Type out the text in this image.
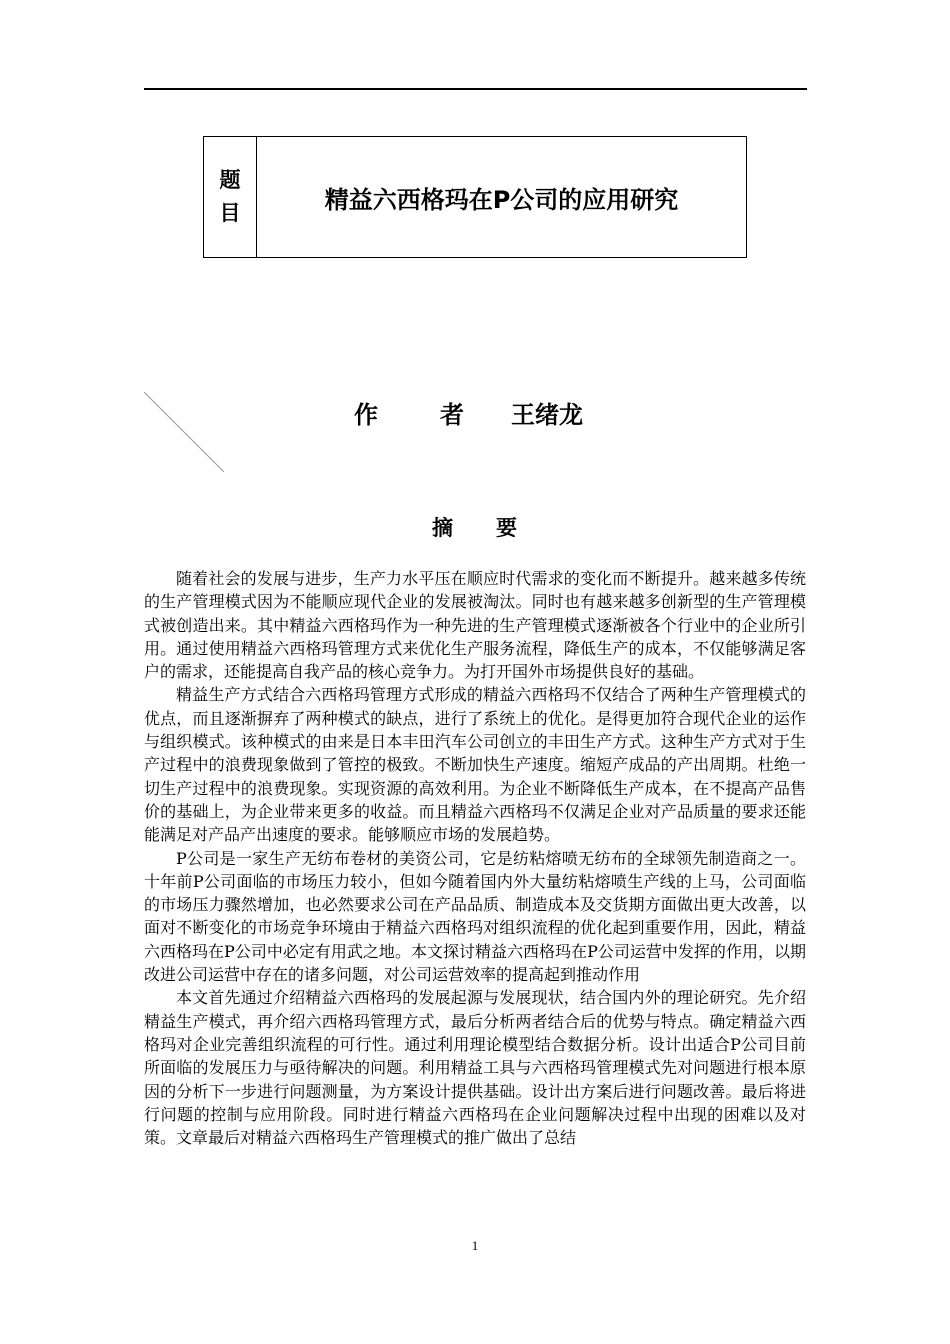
题
目	精益六西格玛在P公司的应用研究
作	者 王绪龙
摘 要

随着社会的发展与进步，生产力水平压在顺应时代需求的变化而不断提升。越来越多传统的生产管理模式因为不能顺应现代企业的发展被淘汰。同时也有越来越多创新型的生产管理模式被创造出来。其中精益六西格玛作为一种先进的生产管理模式逐渐被各个行业中的企业所引用。通过使用精益六西格玛管理方式来优化生产服务流程，降低生产的成本，不仅能够满足客户的需求，还能提高自我产品的核心竞争力。为打开国外市场提供良好的基础。

精益生产方式结合六西格玛管理方式形成的精益六西格玛不仅结合了两种生产管理模式的优点，而且逐渐摒弃了两种模式的缺点，进行了系统上的优化。是得更加符合现代企业的运作与组织模式。该种模式的由来是日本丰田汽车公司创立的丰田生产方式。这种生产方式对于生产过程中的浪费现象做到了管控的极致。不断加快生产速度。缩短产成品的产出周期。杜绝一切生产过程中的浪费现象。实现资源的高效利用。为企业不断降低生产成本，在不提高产品售价的基础上，为企业带来更多的收益。而且精益六西格玛不仅满足企业对产品质量的要求还能能满足对产品产出速度的要求。能够顺应市场的发展趋势。

P公司是一家生产无纺布卷材的美资公司，它是纺粘熔喷无纺布的全球领先制造商之一。十年前P公司面临的市场压力较小，但如今随着国内外大量纺粘熔喷生产线的上马，公司面临的市场压力骤然增加，也必然要求公司在产品品质、制造成本及交货期方面做出更大改善，以面对不断变化的市场竞争环境由于精益六西格玛对组织流程的优化起到重要作用，因此，精益六西格玛在P公司中必定有用武之地。本文探讨精益六西格玛在P公司运营中发挥的作用，以期改进公司运营中存在的诸多问题，对公司运营效率的提高起到推动作用

本文首先通过介绍精益六西格玛的发展起源与发展现状，结合国内外的理论研究。先介绍精益生产模式，再介绍六西格玛管理方式，最后分析两者结合后的优势与特点。确定精益六西格玛对企业完善组织流程的可行性。通过利用理论模型结合数据分析。设计出适合P公司目前所面临的发展压力与亟待解决的问题。利用精益工具与六西格玛管理模式先对问题进行根本原因的分析下一步进行问题测量，为方案设计提供基础。设计出方案后进行问题改善。最后将进行问题的控制与应用阶段。同时进行精益六西格玛在企业问题解决过程中出现的困难以及对策。文章最后对精益六西格玛生产管理模式的推广做出了总结

1
